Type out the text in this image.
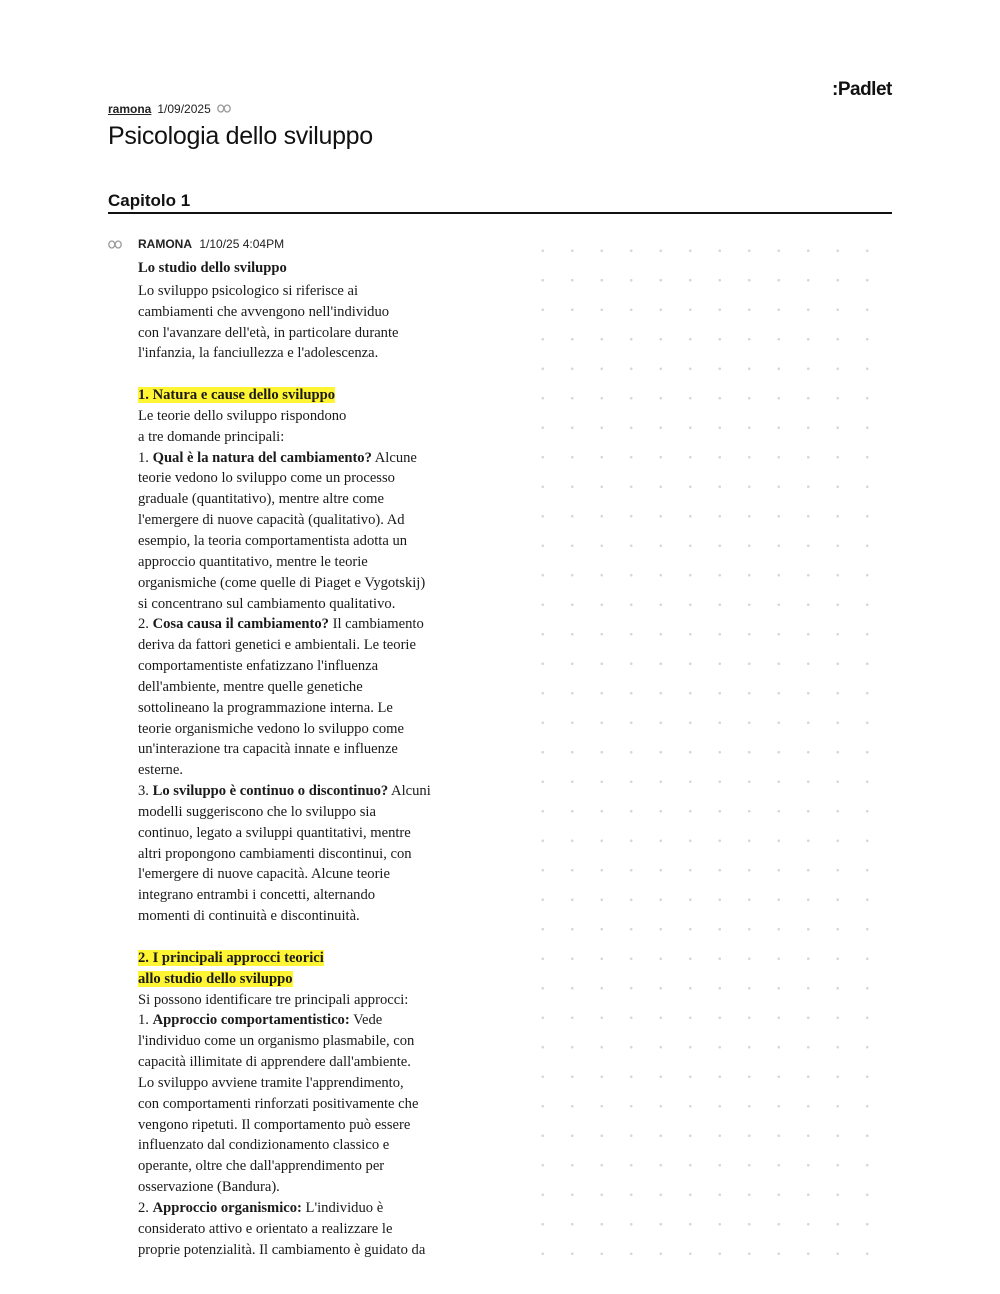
:Padlet
ramona 1/09/2025
Psicologia dello sviluppo
Capitolo 1
RAMONA 1/10/25 4:04PM
Lo studio dello sviluppo

Lo sviluppo psicologico si riferisce ai

cambiamenti che avvengono nell'individuo

con l'avanzare dell'età, in particolare durante

l'infanzia, la fanciullezza e l'adolescenza.

1. Natura e cause dello sviluppo

Le teorie dello sviluppo rispondono

a tre domande principali:

1. Qual è la natura del cambiamento? Alcune

teorie vedono lo sviluppo come un processo

graduale (quantitativo), mentre altre come

l'emergere di nuove capacità (qualitativo). Ad

esempio, la teoria comportamentista adotta un

approccio quantitativo, mentre le teorie

organismiche (come quelle di Piaget e Vygotskij)

si concentrano sul cambiamento qualitativo.

2. Cosa causa il cambiamento? Il cambiamento

deriva da fattori genetici e ambientali. Le teorie

comportamentiste enfatizzano l'influenza

dell'ambiente, mentre quelle genetiche

sottolineano la programmazione interna. Le

teorie organismiche vedono lo sviluppo come

un'interazione tra capacità innate e influenze

esterne.

3. Lo sviluppo è continuo o discontinuo? Alcuni

modelli suggeriscono che lo sviluppo sia

continuo, legato a sviluppi quantitativi, mentre

altri propongono cambiamenti discontinui, con

l'emergere di nuove capacità. Alcune teorie

integrano entrambi i concetti, alternando

momenti di continuità e discontinuità.

2. I principali approcci teorici

allo studio dello sviluppo

Si possono identificare tre principali approcci:

1. Approccio comportamentistico: Vede

l'individuo come un organismo plasmabile, con

capacità illimitate di apprendere dall'ambiente.

Lo sviluppo avviene tramite l'apprendimento,

con comportamenti rinforzati positivamente che

vengono ripetuti. Il comportamento può essere

influenzato dal condizionamento classico e

operante, oltre che dall'apprendimento per

osservazione (Bandura).

2. Approccio organismico: L'individuo è

considerato attivo e orientato a realizzare le

proprie potenzialità. Il cambiamento è guidato da
